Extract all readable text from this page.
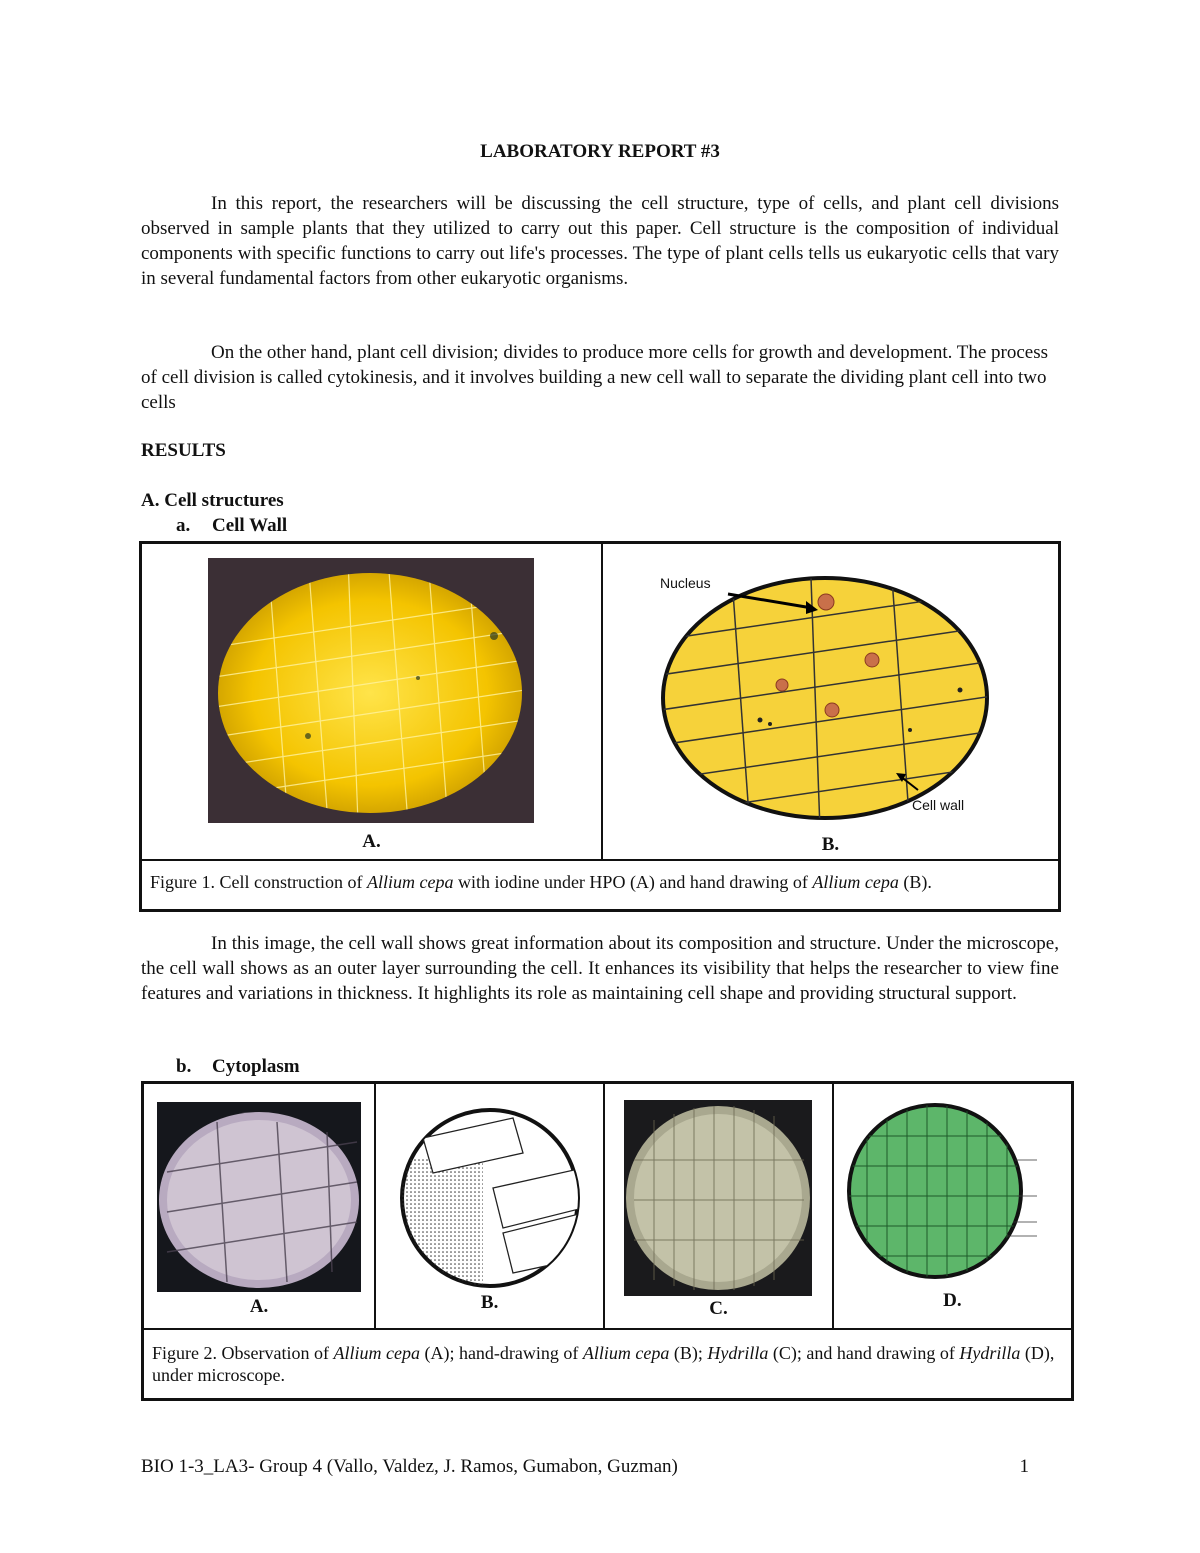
LABORATORY REPORT #3

In this report, the researchers will be discussing the cell structure, type of cells, and plant cell divisions observed in sample plants that they utilized to carry out this paper. Cell structure is the composition of individual components with specific functions to carry out life's processes. The type of plant cells tells us eukaryotic cells that vary in several fundamental factors from other eukaryotic organisms.

On the other hand, plant cell division; divides to produce more cells for growth and development. The process of cell division is called cytokinesis, and it involves building a new cell wall to separate the dividing plant cell into two cells

RESULTS
A. Cell structures
a. Cell Wall
A.

Nucleus
Cell wall
B.

Figure 1. Cell construction of Allium cepa with iodine under HPO (A) and hand drawing of Allium cepa (B).

In this image, the cell wall shows great information about its composition and structure. Under the microscope, the cell wall shows as an outer layer surrounding the cell. It enhances its visibility that helps the researcher to view fine features and variations in thickness. It highlights its role as maintaining cell shape and providing structural support.

b. Cytoplasm
A.	B.	C.	D.

Figure 2. Observation of Allium cepa (A); hand-drawing of Allium cepa (B); Hydrilla (C); and hand drawing of Hydrilla (D), under microscope.
BIO 1-3_LA3- Group 4 (Vallo, Valdez, J. Ramos, Gumabon, Guzman)	1
